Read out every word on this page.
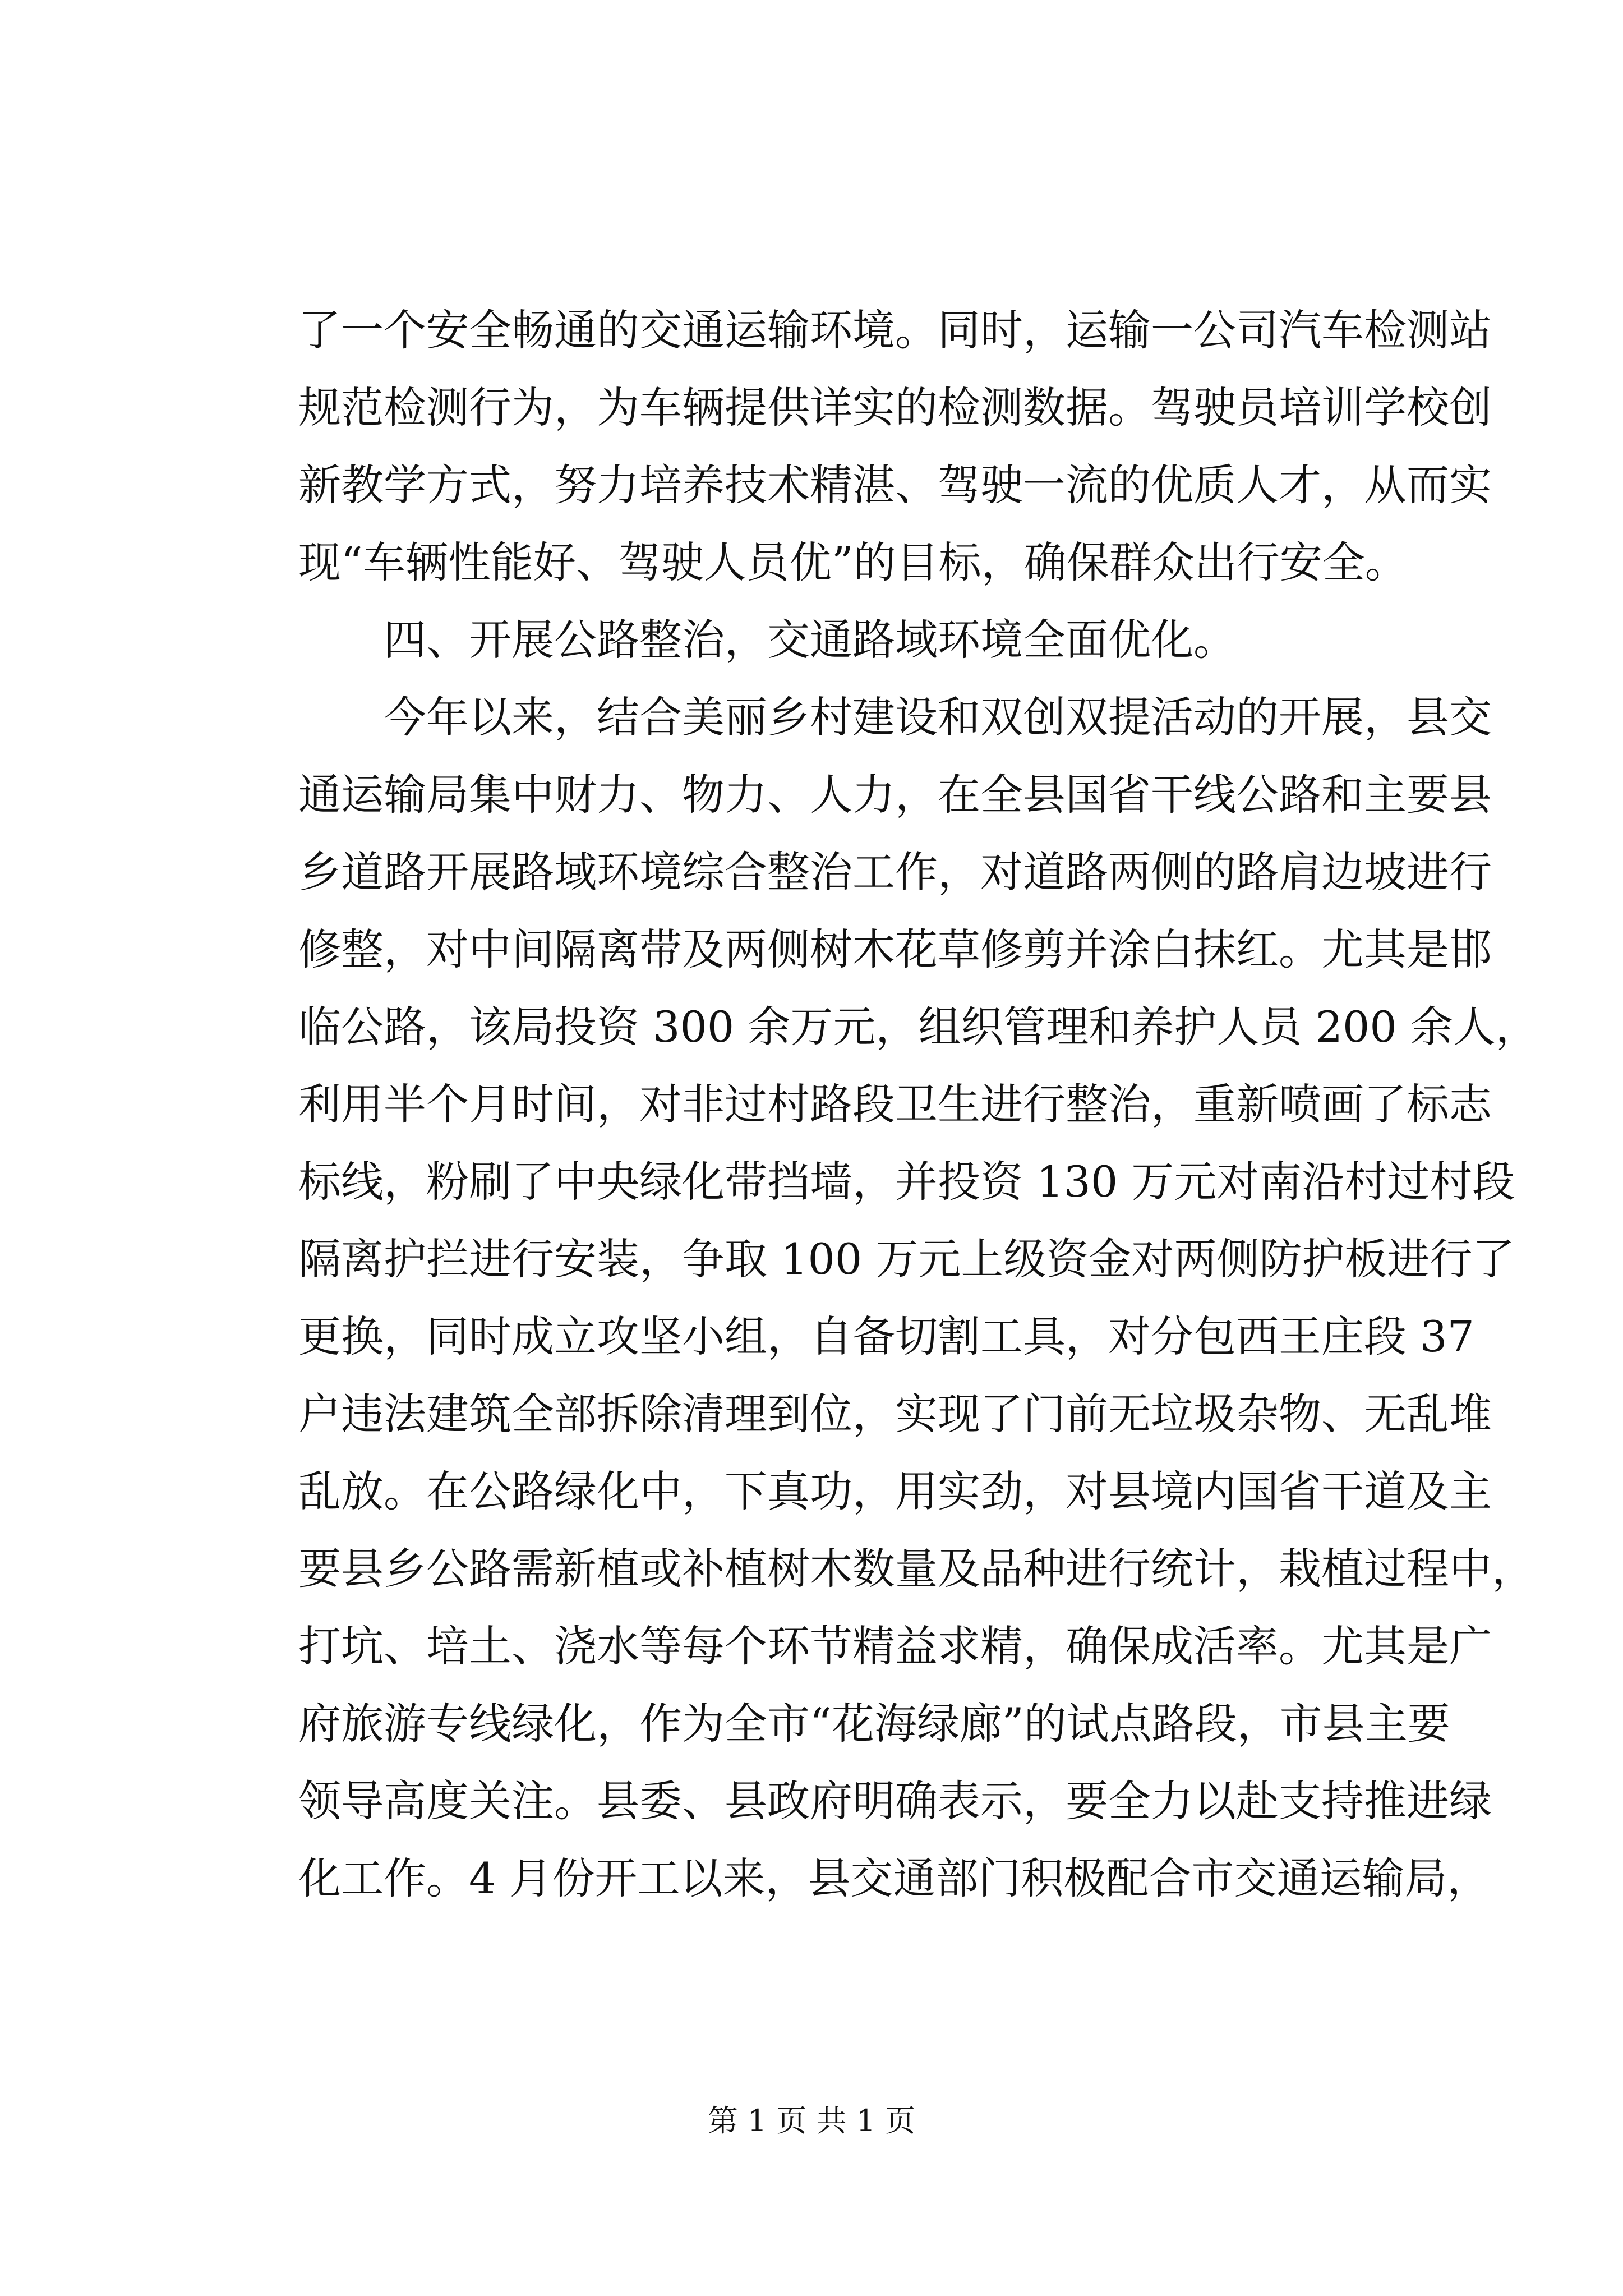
了 一 个 安 全 畅 通 的 交 通 运 输 环 境 。 同 时 ， 运 输 一 公 司 汽 车 检 测 站
规 范 检 测 行 为 ， 为 车 辆 提 供 详 实 的 检 测 数 据 。 驾 驶 员 培 训 学 校 创
新 教 学 方 式 ， 努 力 培 养 技 术 精 湛 、 驾 驶 一 流 的 优 质 人 才 ， 从 而 实
现“车辆性能好、驾驶人员优”的目标，确保群众出行安全。
四、开展公路整治，交通路域环境全面优化。
今 年 以 来 ， 结 合 美 丽 乡 村 建 设 和 双 创 双 提 活 动 的 开 展 ， 县 交
通 运 输 局 集 中 财 力 、 物 力 、 人 力 ， 在 全 县 国 省 干 线 公 路 和 主 要 县
乡 道 路 开 展 路 域 环 境 综 合 整 治 工 作 ， 对 道 路 两 侧 的 路 肩 边 坡 进 行
修 整 ， 对 中 间 隔 离 带 及 两 侧 树 木 花 草 修 剪 并 涂 白 抹 红 。 尤 其 是 邯
临 公 路 ， 该 局 投 资
3 0 0
余 万 元 ， 组 织 管 理 和 养 护 人 员
2 0 0
余 人 ，
利 用 半 个 月 时 间 ， 对 非 过 村 路 段 卫 生 进 行 整 治 ， 重 新 喷 画 了 标 志
标 线 ， 粉 刷 了 中 央 绿 化 带 挡 墙 ， 并 投 资
1 3 0
万 元 对 南 沿 村 过 村 段
隔 离 护 拦 进 行 安 装 ， 争 取
1 0 0
万 元 上 级 资 金 对 两 侧 防 护 板 进 行 了
更 换 ， 同 时 成 立 攻 坚 小 组 ， 自 备 切 割 工 具 ， 对 分 包 西 王 庄 段
3 7
户 违 法 建 筑 全 部 拆 除 清 理 到 位 ， 实 现 了 门 前 无 垃 圾 杂 物 、 无 乱 堆
乱 放 。 在 公 路 绿 化 中 ， 下 真 功 ， 用 实 劲 ， 对 县 境 内 国 省 干 道 及 主
要 县 乡 公 路 需 新 植 或 补 植 树 木 数 量 及 品 种 进 行 统 计 ， 栽 植 过 程 中 ，
打 坑 、 培 土 、 浇 水 等 每 个 环 节 精 益 求 精 ， 确 保 成 活 率 。 尤 其 是 广
府 旅 游 专 线 绿 化 ， 作 为 全 市 “ 花 海 绿 廊 ” 的 试 点 路 段 ， 市 县 主 要
领 导 高 度 关 注 。 县 委 、 县 政 府 明 确 表 示 ， 要 全 力 以 赴 支 持 推 进 绿
化 工 作 。 4
月 份 开 工 以 来 ， 县 交 通 部 门 积 极 配 合 市 交 通 运 输 局 ，
第 1 页 共 1 页
